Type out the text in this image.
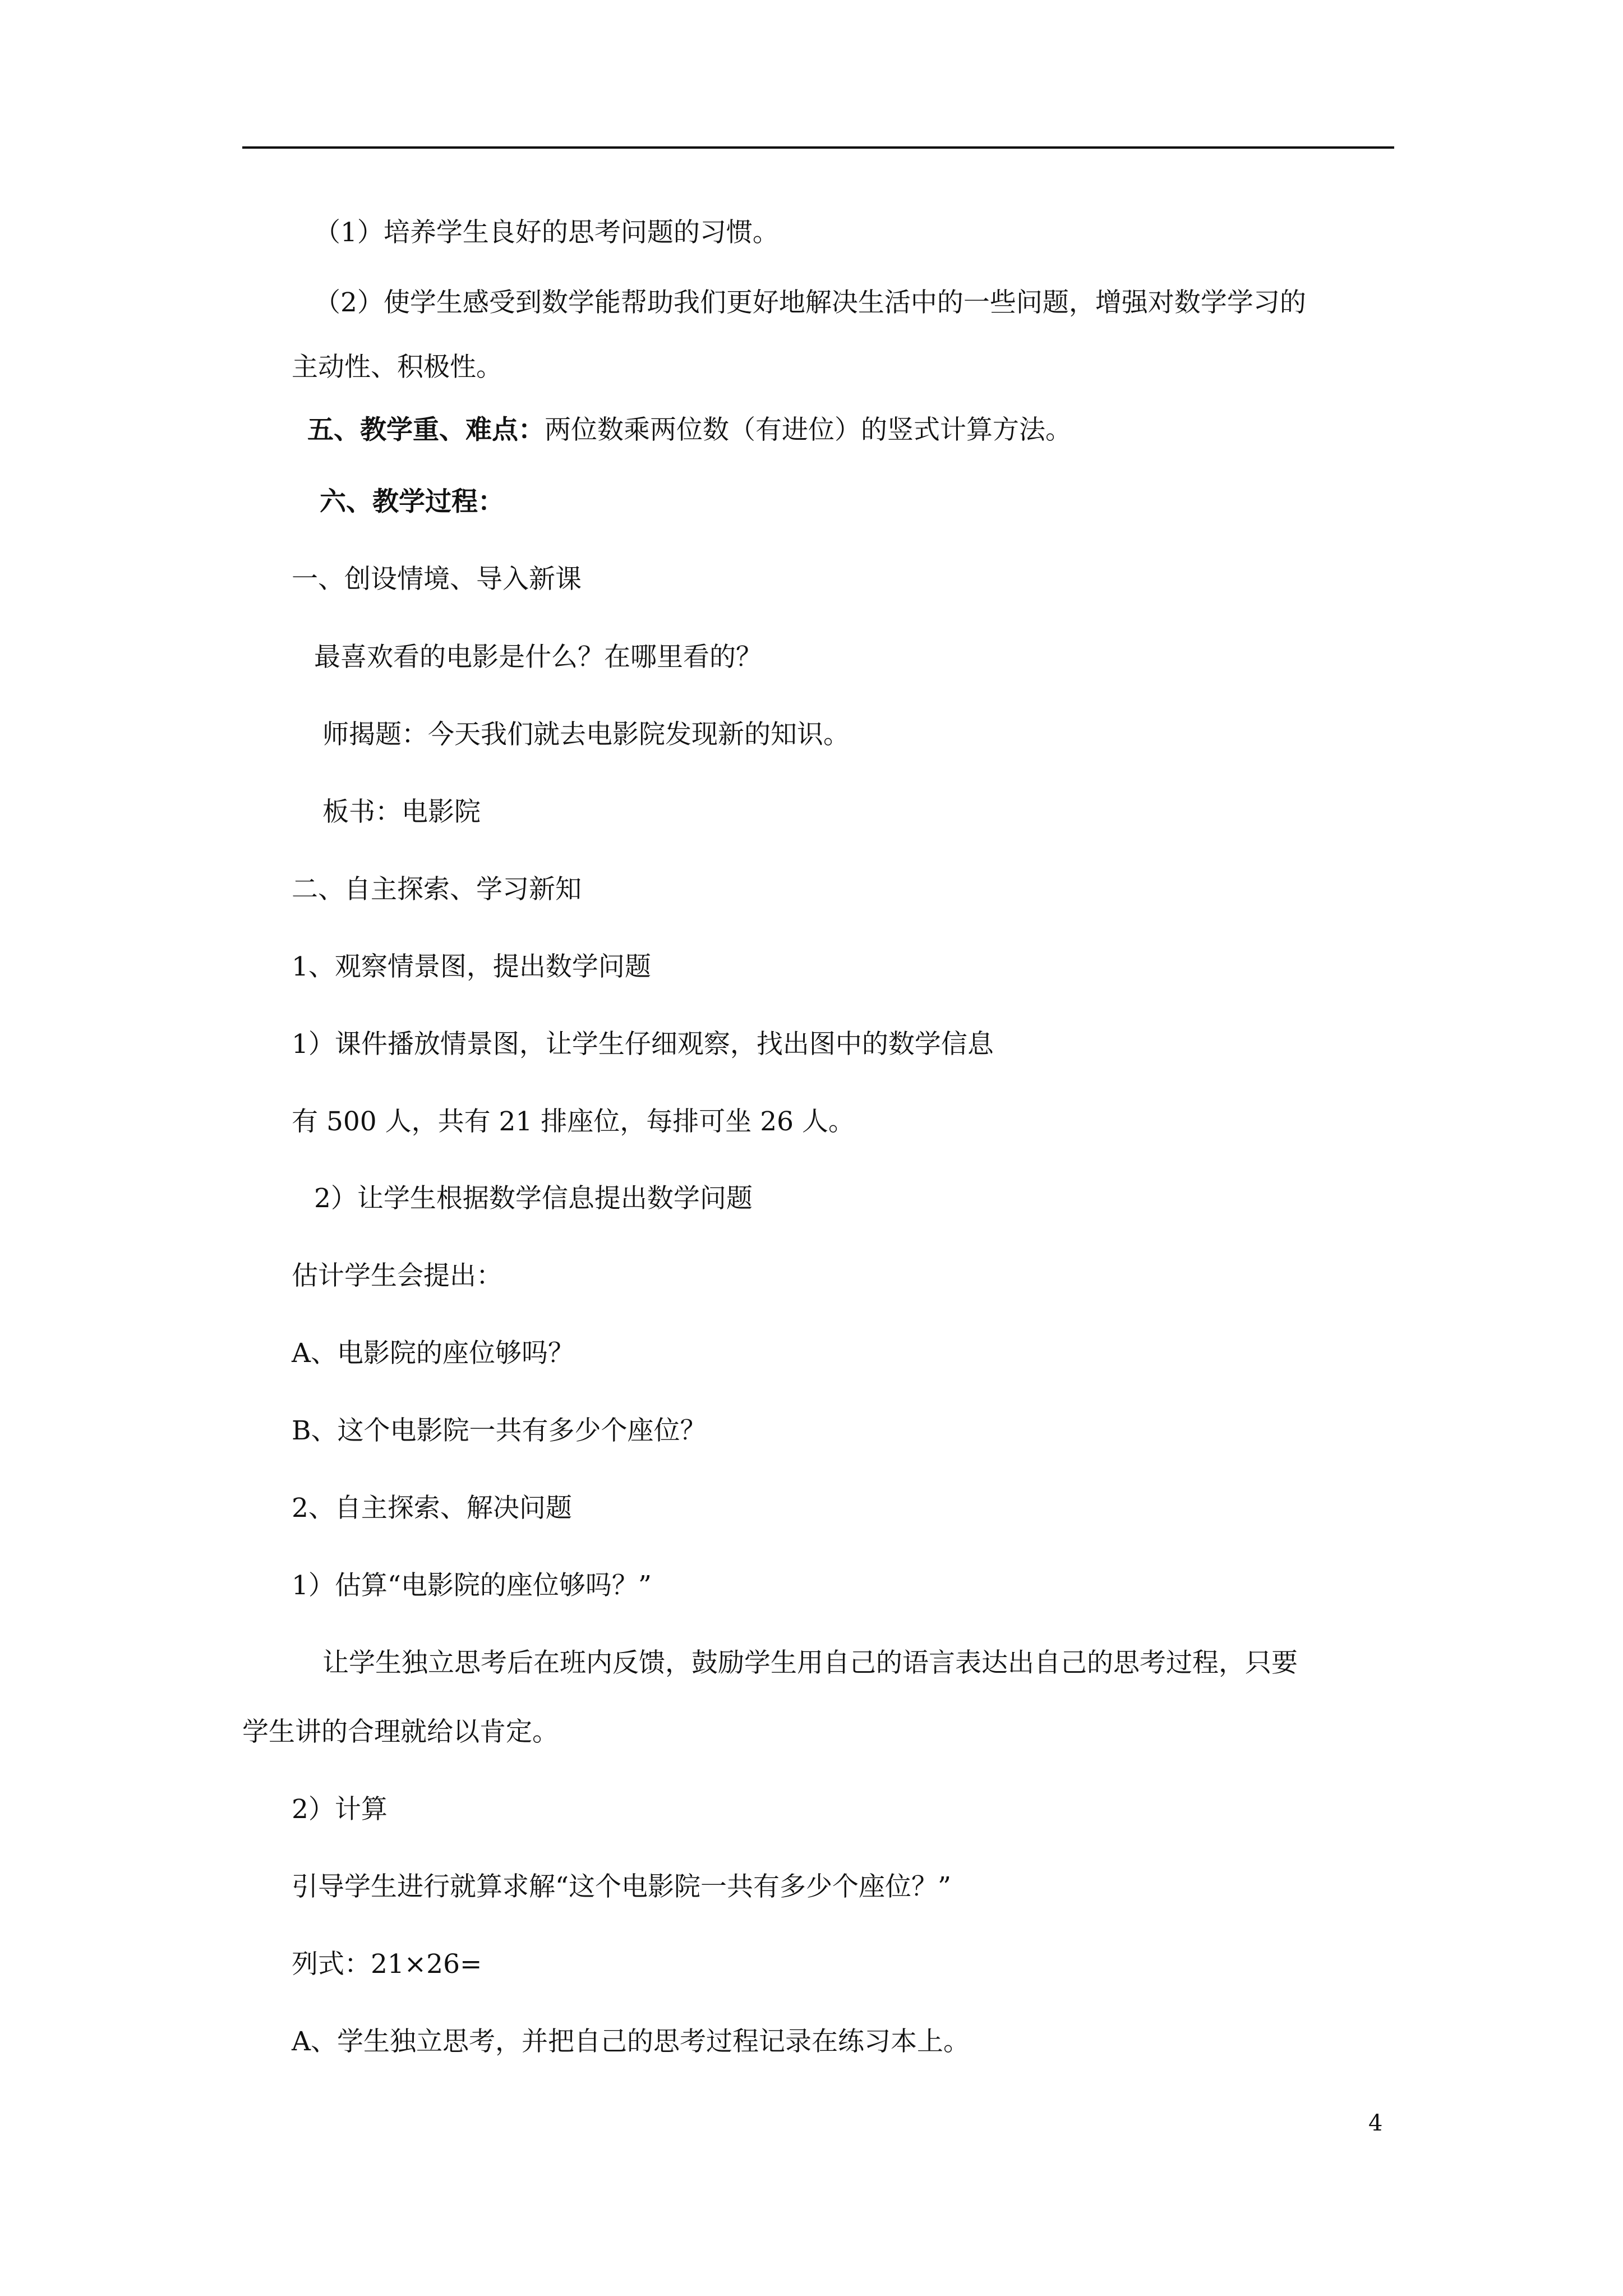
（1）培养学生良好的思考问题的习惯。
（2）使学生感受到数学能帮助我们更好地解决生活中的一些问题，增强对数学学习的
主动性、积极性。
五、教学重、难点：两位数乘两位数（有进位）的竖式计算方法。
六、教学过程：
一、创设情境、导入新课
最喜欢看的电影是什么？在哪里看的？
师揭题：今天我们就去电影院发现新的知识。
板书：电影院
二、自主探索、学习新知
1、观察情景图，提出数学问题
1）课件播放情景图，让学生仔细观察，找出图中的数学信息
有 500 人，共有 21 排座位，每排可坐 26 人。
2）让学生根据数学信息提出数学问题
估计学生会提出：
A、电影院的座位够吗？
B、这个电影院一共有多少个座位？
2、自主探索、解决问题
1）估算“电影院的座位够吗？”
让学生独立思考后在班内反馈，鼓励学生用自己的语言表达出自己的思考过程，只要
学生讲的合理就给以肯定。
2）计算
引导学生进行就算求解“这个电影院一共有多少个座位？”
列式：21×26=
A、学生独立思考，并把自己的思考过程记录在练习本上。
4
